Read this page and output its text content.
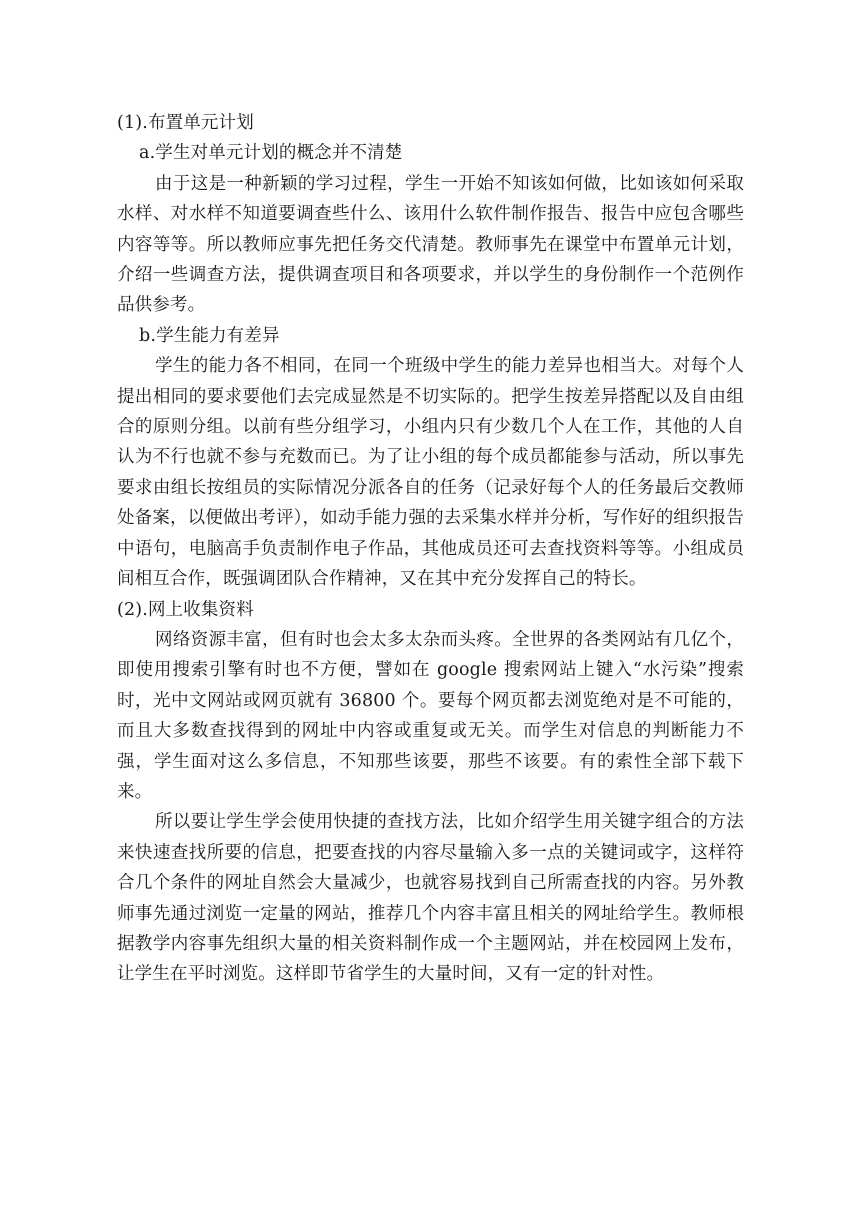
(1).布置单元计划

a.学生对单元计划的概念并不清楚

由于这是一种新颖的学习过程，学生一开始不知该如何做，比如该如何采取水样、对水样不知道要调查些什么、该用什么软件制作报告、报告中应包含哪些内容等等。所以教师应事先把任务交代清楚。教师事先在课堂中布置单元计划，介绍一些调查方法，提供调查项目和各项要求，并以学生的身份制作一个范例作品供参考。

b.学生能力有差异

学生的能力各不相同，在同一个班级中学生的能力差异也相当大。对每个人提出相同的要求要他们去完成显然是不切实际的。把学生按差异搭配以及自由组合的原则分组。以前有些分组学习，小组内只有少数几个人在工作，其他的人自认为不行也就不参与充数而已。为了让小组的每个成员都能参与活动，所以事先要求由组长按组员的实际情况分派各自的任务（记录好每个人的任务最后交教师处备案，以便做出考评），如动手能力强的去采集水样并分析，写作好的组织报告中语句，电脑高手负责制作电子作品，其他成员还可去查找资料等等。小组成员间相互合作，既强调团队合作精神，又在其中充分发挥自己的特长。

(2).网上收集资料

网络资源丰富，但有时也会太多太杂而头疼。全世界的各类网站有几亿个，即使用搜索引擎有时也不方便，譬如在 google 搜索网站上键入“水污染”搜索时，光中文网站或网页就有 36800 个。要每个网页都去浏览绝对是不可能的，而且大多数查找得到的网址中内容或重复或无关。而学生对信息的判断能力不强，学生面对这么多信息，不知那些该要，那些不该要。有的索性全部下载下来。

所以要让学生学会使用快捷的查找方法，比如介绍学生用关键字组合的方法来快速查找所要的信息，把要查找的内容尽量输入多一点的关键词或字，这样符合几个条件的网址自然会大量减少，也就容易找到自己所需查找的内容。另外教师事先通过浏览一定量的网站，推荐几个内容丰富且相关的网址给学生。教师根据教学内容事先组织大量的相关资料制作成一个主题网站，并在校园网上发布，让学生在平时浏览。这样即节省学生的大量时间，又有一定的针对性。
